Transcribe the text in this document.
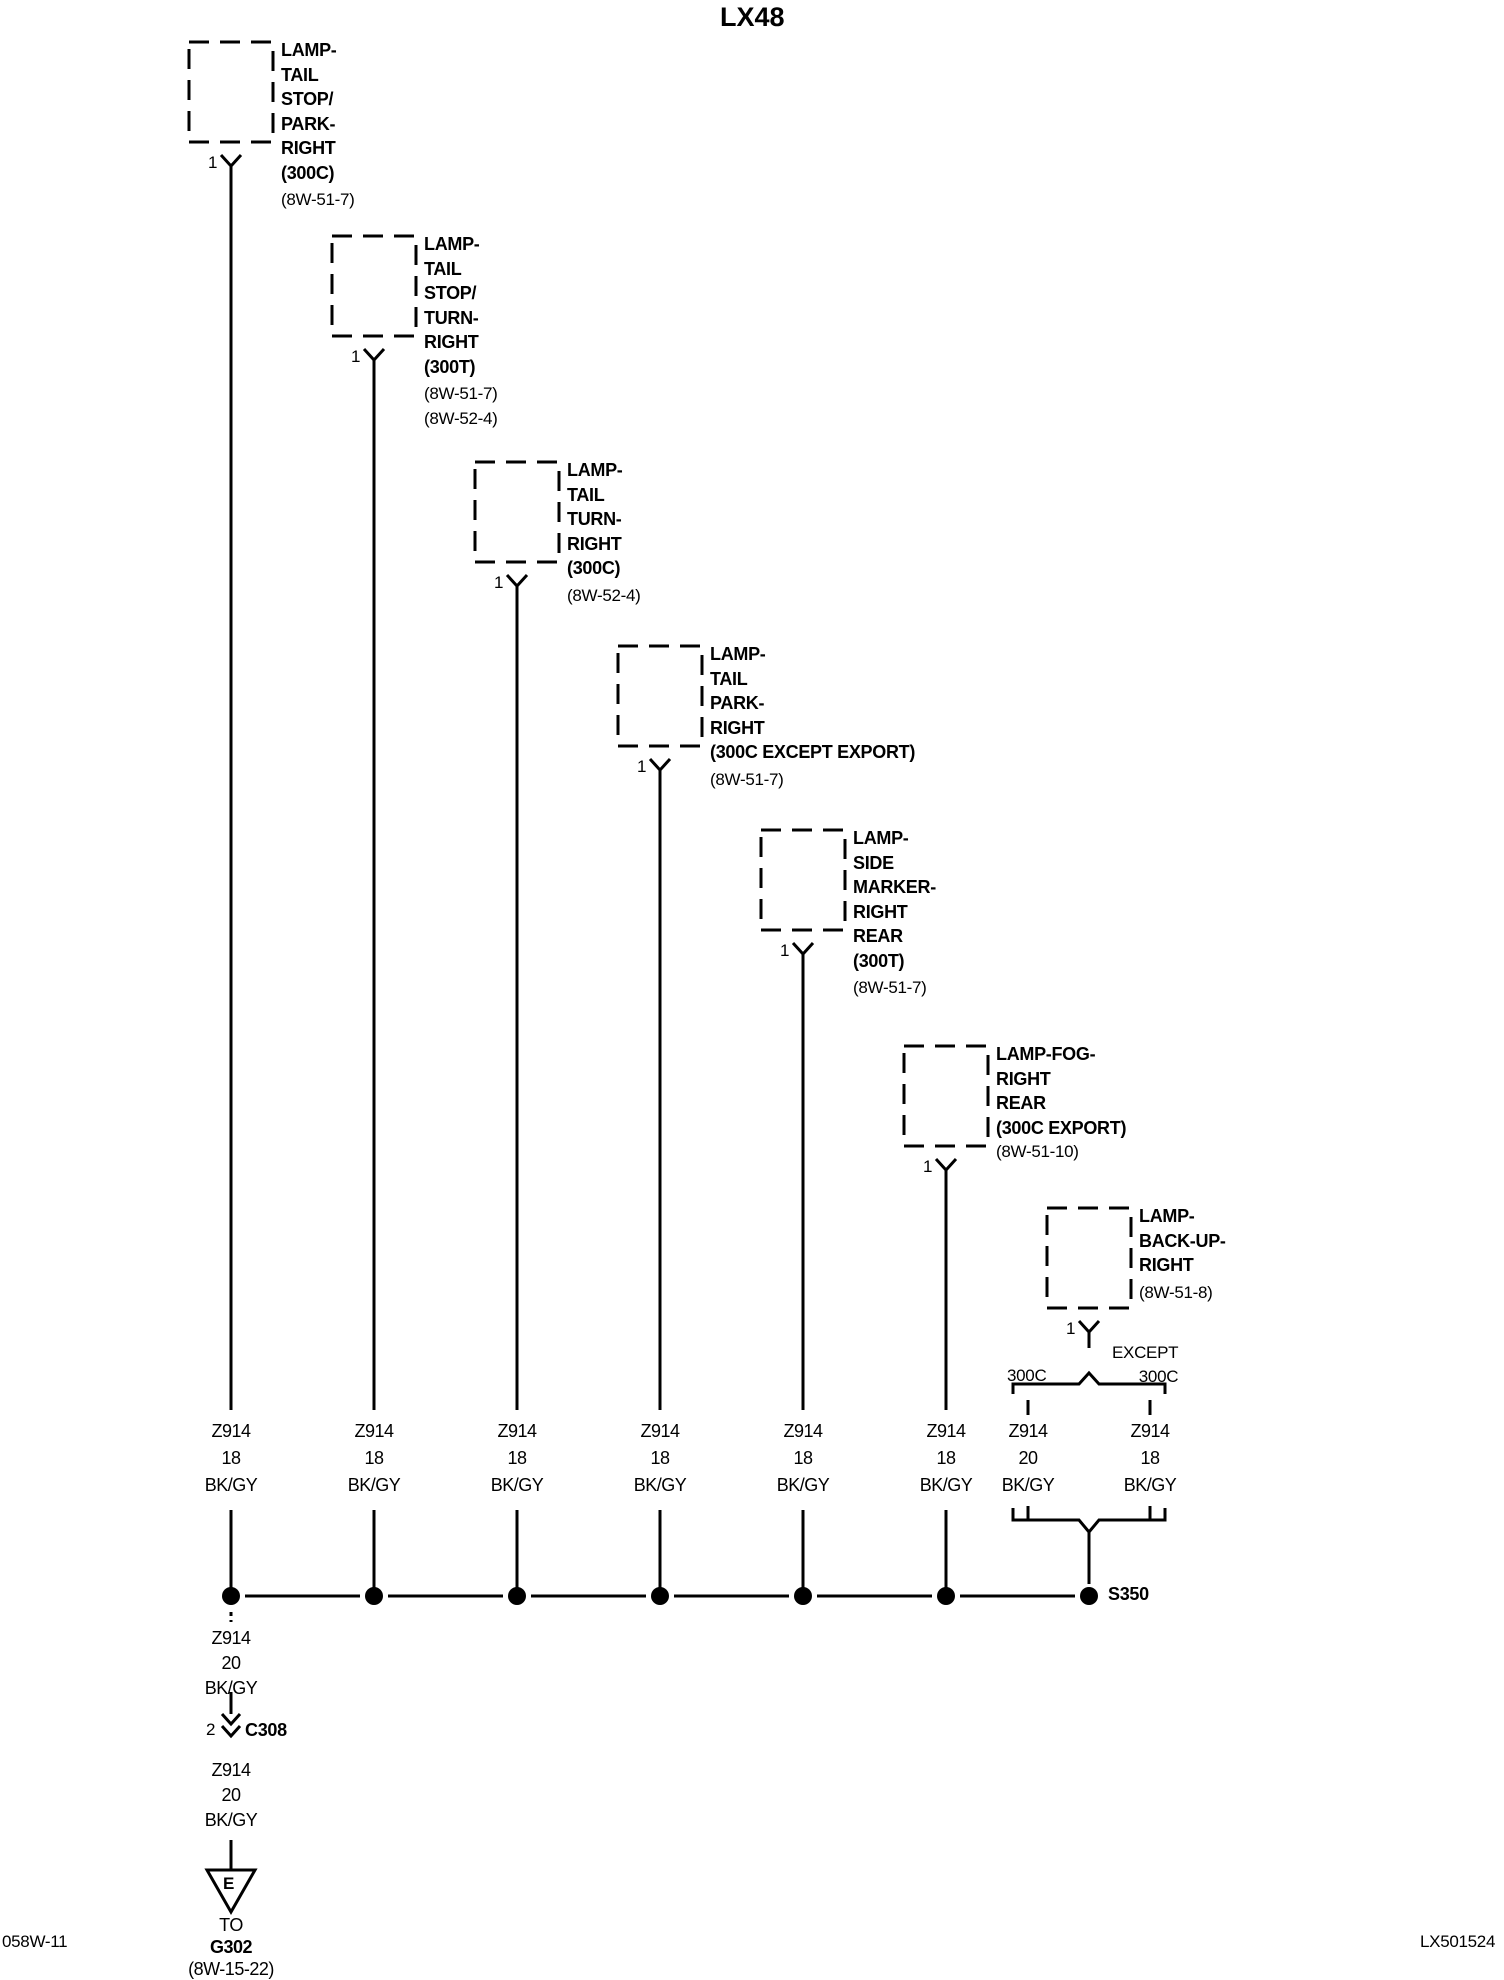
LX48
LAMP-
TAIL
STOP/
PARK-
RIGHT
(300C)
(8W-51-7)
LAMP-
TAIL
STOP/
TURN-
RIGHT
(300T)
(8W-51-7)
(8W-52-4)
LAMP-
TAIL
TURN-
RIGHT
(300C)
(8W-52-4)
LAMP-
TAIL
PARK-
RIGHT
(300C EXCEPT EXPORT)
(8W-51-7)
LAMP-
SIDE
MARKER-
RIGHT
REAR
(300T)
(8W-51-7)
LAMP-FOG-
RIGHT
REAR
(300C EXPORT)
(8W-51-10)
LAMP-
BACK-UP-
RIGHT
(8W-51-8)
1
1
1
1
1
1
1
Z914
18
BK/GY
Z914
18
BK/GY
Z914
18
BK/GY
Z914
18
BK/GY
Z914
18
BK/GY
Z914
18
BK/GY
300C
EXCEPT
300C
Z914
20
BK/GY
Z914
18
BK/GY
S350
Z914
20
BK/GY
2 C308
Z914
20
BK/GY
E
TO
G302
(8W-15-22)
058W-11	LX501524
